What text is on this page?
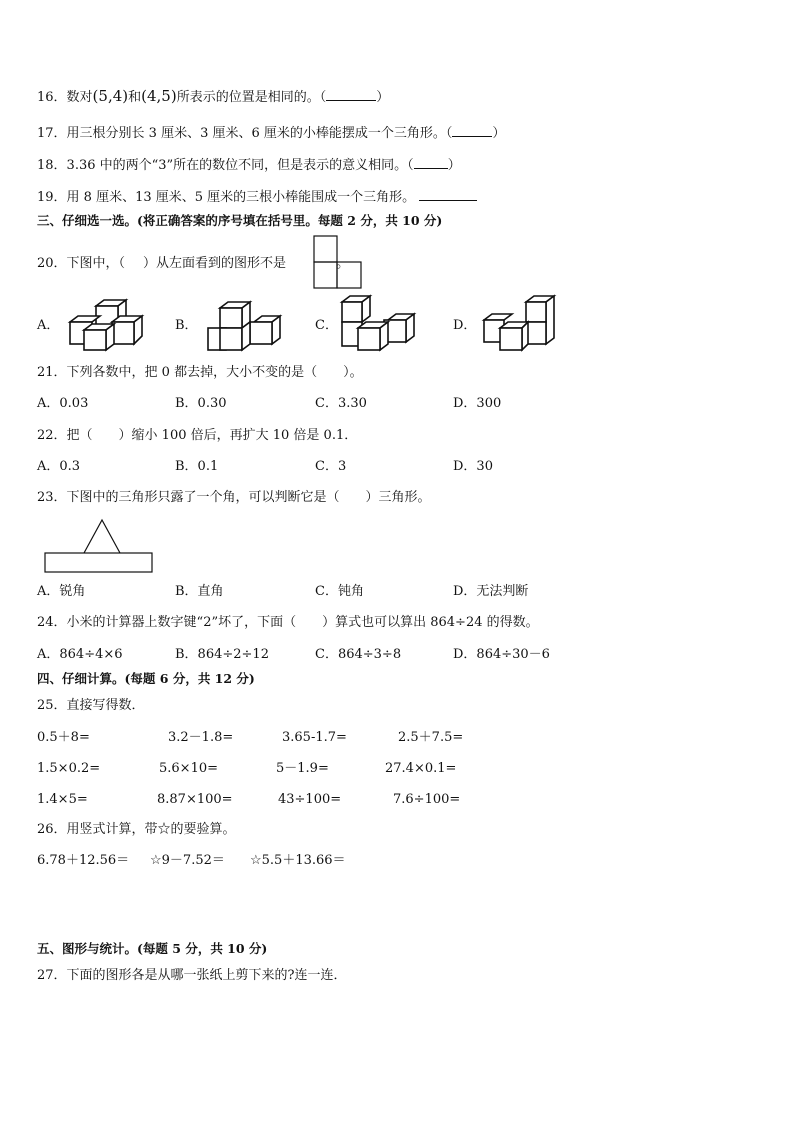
16．数对(5,4)和(4,5)所表示的位置是相同的。（	）
17．用三根分别长 3 厘米、3 厘米、6 厘米的小棒能摆成一个三角形。（	）
18．3.36 中的两个“3”所在的数位不同，但是表示的意义相同。（	）
19．用 8 厘米、13 厘米、5 厘米的三根小棒能围成一个三角形。
三、仔细选一选。(将正确答案的序号填在括号里。每题 2 分，共 10 分)
20．下图中，（ ）从左面看到的图形不是	。
A．	B．	C．	D．
21．下列各数中，把 0 都去掉，大小不变的是（　　）。
A．0.03	B．0.30	C．3.30	D．300
22．把（　　）缩小 100 倍后，再扩大 10 倍是 0.1．
A．0.3	B．0.1	C．3	D．30
23．下图中的三角形只露了一个角，可以判断它是（　　）三角形。
A．锐角	B．直角	C．钝角	D．无法判断
24．小米的计算器上数字键“2”坏了，下面（　　）算式也可以算出 864÷24 的得数。
A．864÷4×6	B．864÷2÷12	C．864÷3÷8	D．864÷30－6
四、仔细计算。(每题 6 分，共 12 分)
25．直接写得数．
0.5＋8=	3.2－1.8=	3.65-1.7=	2.5＋7.5=
1.5×0.2=	5.6×10=	5－1.9=	27.4×0.1=
1.4×5=	8.87×100=	43÷100=	7.6÷100=
26．用竖式计算，带☆的要验算。
6.78＋12.56＝ ☆9－7.52＝ ☆5.5＋13.66＝
五、图形与统计。(每题 5 分，共 10 分)
27．下面的图形各是从哪一张纸上剪下来的?连一连．
